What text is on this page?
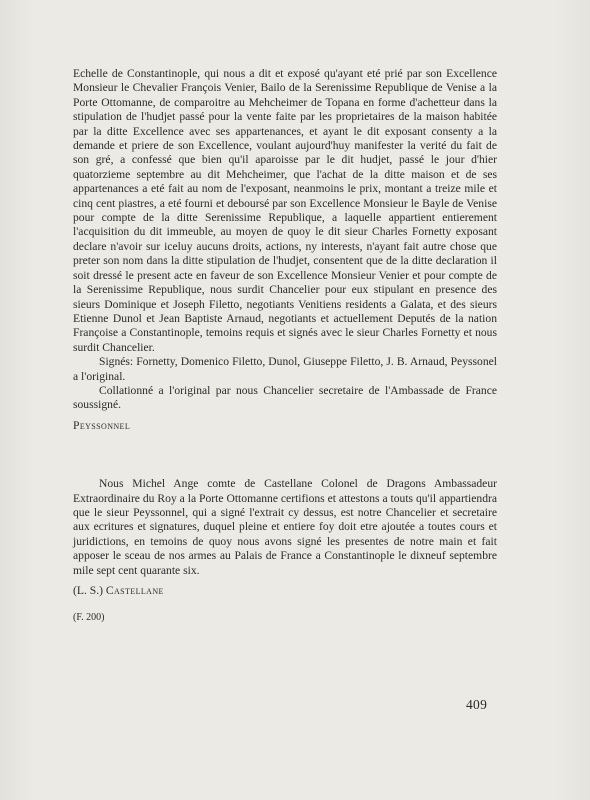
Echelle de Constantinople, qui nous a dit et exposé qu'ayant eté prié par son Excellence Monsieur le Chevalier François Venier, Bailo de la Serenissime Republique de Venise a la Porte Ottomanne, de comparoitre au Mehcheimer de Topana en forme d'achetteur dans la stipulation de l'hudjet passé pour la vente faite par les proprietaires de la maison habitée par la ditte Excellence avec ses appartenances, et ayant le dit exposant consenty a la demande et priere de son Excellence, voulant aujourd'huy manifester la verité du fait de son gré, a confessé que bien qu'il aparoisse par le dit hudjet, passé le jour d'hier quatorzieme septembre au dit Mehcheimer, que l'achat de la ditte maison et de ses appartenances a eté fait au nom de l'exposant, neanmoins le prix, montant a treize mile et cinq cent piastres, a eté fourni et deboursé par son Excellence Monsieur le Bayle de Venise pour compte de la ditte Serenissime Republique, a laquelle appartient entierement l'acquisition du dit immeuble, au moyen de quoy le dit sieur Charles Fornetty exposant declare n'avoir sur iceluy aucuns droits, actions, ny interests, n'ayant fait autre chose que preter son nom dans la ditte stipulation de l'hudjet, consentent que de la ditte declaration il soit dressé le present acte en faveur de son Excellence Monsieur Venier et pour compte de la Serenissime Republique, nous surdit Chancelier pour eux stipulant en presence des sieurs Dominique et Joseph Filetto, negotiants Venitiens residents a Galata, et des sieurs Etienne Dunol et Jean Baptiste Arnaud, negotiants et actuellement Deputés de la nation Françoise a Constantinople, temoins requis et signés avec le sieur Charles Fornetty et nous surdit Chancelier.

Signés: Fornetty, Domenico Filetto, Dunol, Giuseppe Filetto, J. B. Arnaud, Peyssonel a l'original.

Collationné a l'original par nous Chancelier secretaire de l'Ambassade de France soussigné.

Peyssonnel

Nous Michel Ange comte de Castellane Colonel de Dragons Ambassadeur Extraordinaire du Roy a la Porte Ottomanne certifions et attestons a touts qu'il appartiendra que le sieur Peyssonnel, qui a signé l'extrait cy dessus, est notre Chancelier et secretaire aux ecritures et signatures, duquel pleine et entiere foy doit etre ajoutée a toutes cours et juridictions, en temoins de quoy nous avons signé les presentes de notre main et fait apposer le sceau de nos armes au Palais de France a Constantinople le dixneuf septembre mile sept cent quarante six.

(L. S.) Castellane

(F. 200)

409
